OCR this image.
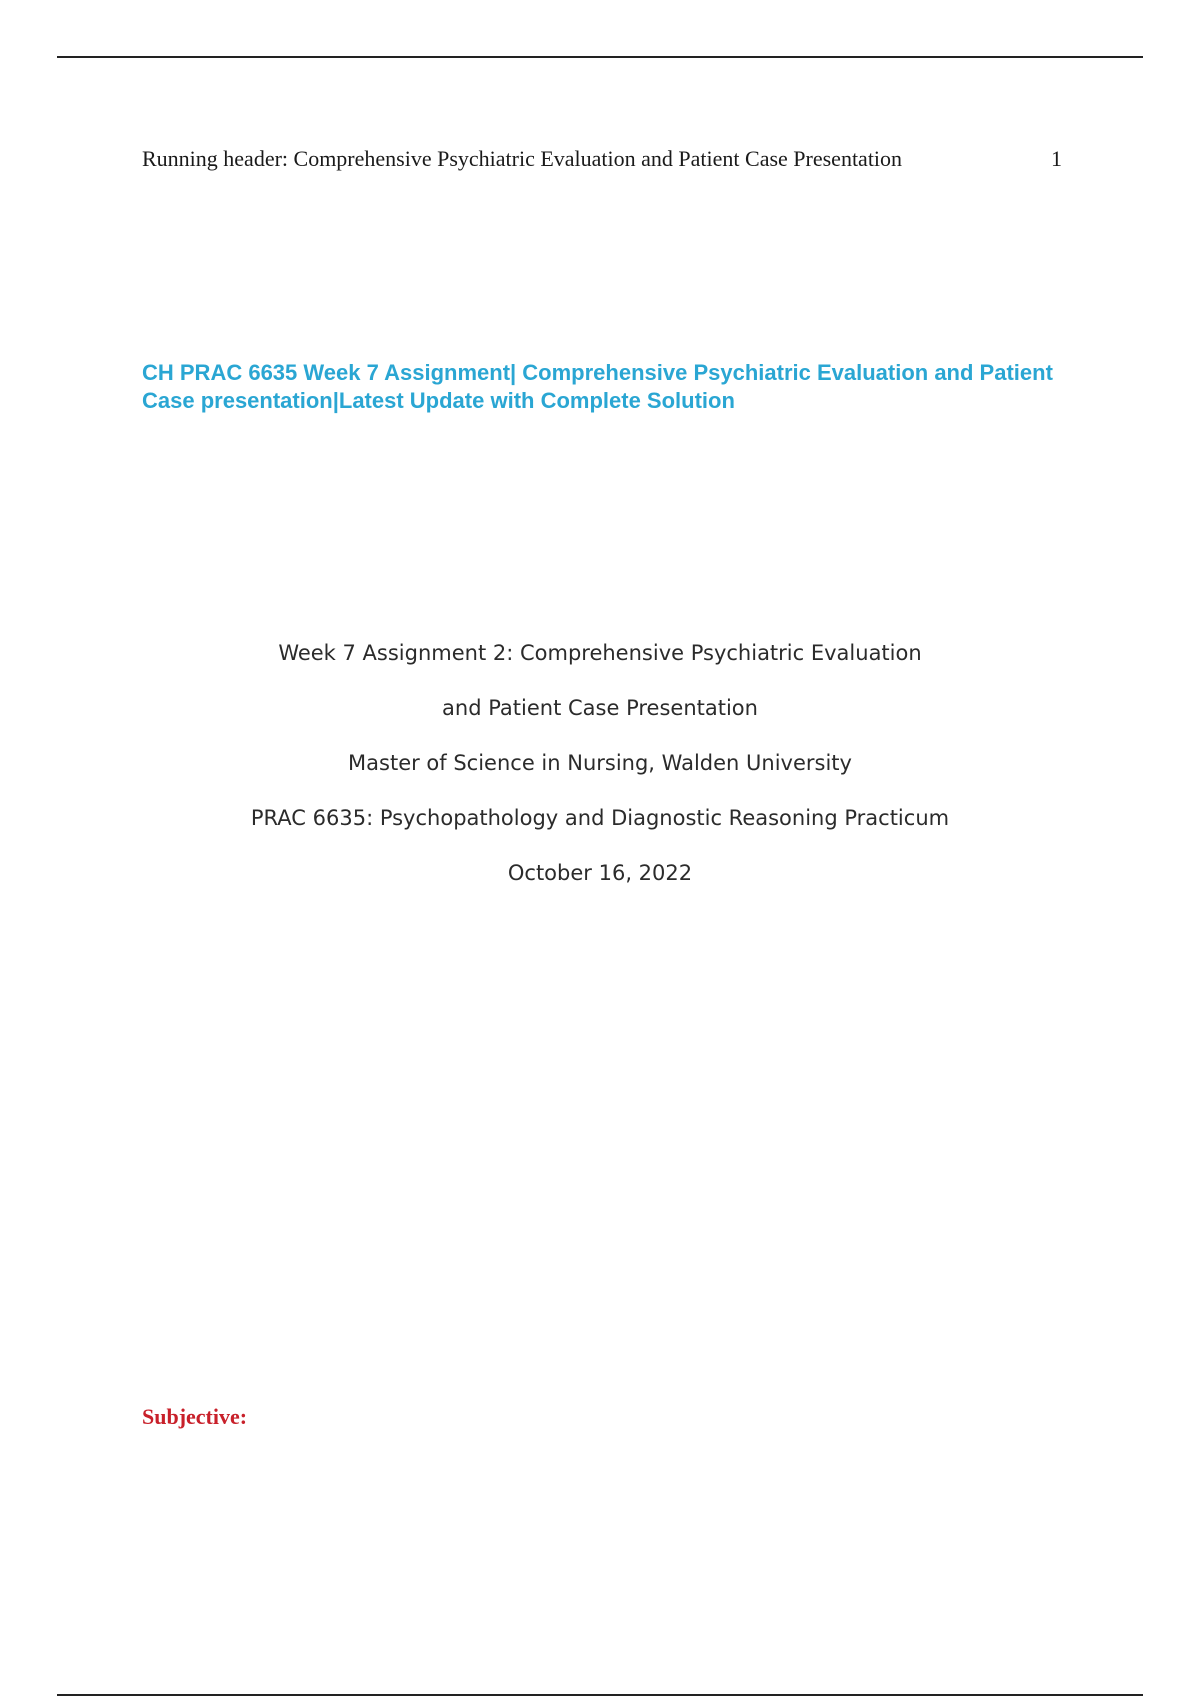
Running header: Comprehensive Psychiatric Evaluation and Patient Case Presentation	1
CH PRAC 6635 Week 7 Assignment| Comprehensive Psychiatric Evaluation and Patient Case presentation|Latest Update with Complete Solution
Week 7 Assignment 2: Comprehensive Psychiatric Evaluation
and Patient Case Presentation
Master of Science in Nursing, Walden University
PRAC 6635: Psychopathology and Diagnostic Reasoning Practicum
October 16, 2022
Subjective:
